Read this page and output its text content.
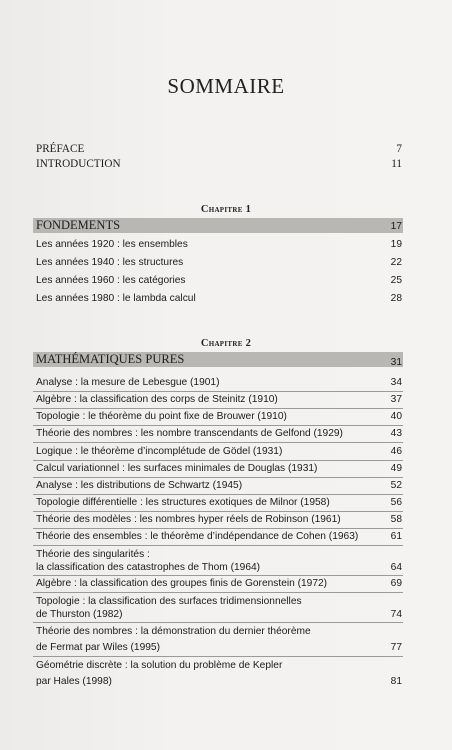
SOMMAIRE
PRÉFACE	7
INTRODUCTION	11
Chapitre 1
FONDEMENTS	17
Les années 1920 : les ensembles	19
Les années 1940 : les structures	22
Les années 1960 : les catégories	25
Les années 1980 : le lambda calcul	28
Chapitre 2
MATHÉMATIQUES PURES	31
Analyse : la mesure de Lebesgue (1901)	34
Algèbre : la classification des corps de Steinitz (1910)	37
Topologie : le théorème du point fixe de Brouwer (1910)	40
Théorie des nombres : les nombre transcendants de Gelfond (1929)	43
Logique : le théorème d’incomplétude de Gödel (1931)	46
Calcul variationnel : les surfaces minimales de Douglas (1931)	49
Analyse : les distributions de Schwartz (1945)	52
Topologie différentielle : les structures exotiques de Milnor (1958)	56
Théorie des modèles : les nombres hyper réels de Robinson (1961)	58
Théorie des ensembles : le théorème d’indépendance de Cohen (1963)	61
Théorie des singularités :
la classification des catastrophes de Thom (1964)	64
Algèbre : la classification des groupes finis de Gorenstein (1972)	69
Topologie : la classification des surfaces tridimensionnelles
de Thurston (1982)	74
Théorie des nombres : la démonstration du dernier théorème
de Fermat par Wiles (1995)	77
Géométrie discrète : la solution du problème de Kepler
par Hales (1998)	81
